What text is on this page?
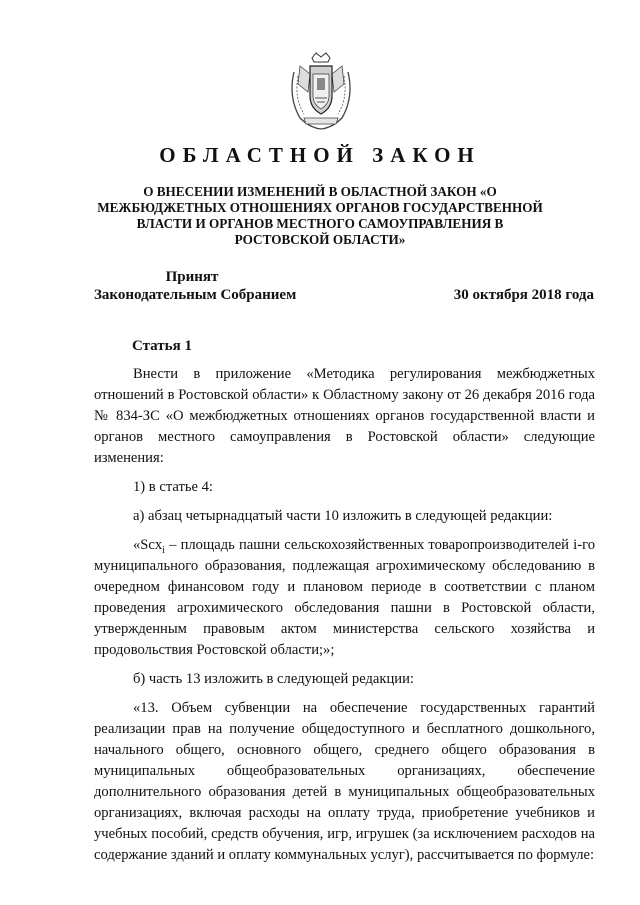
ОБЛАСТНОЙ ЗАКОН
О ВНЕСЕНИИ ИЗМЕНЕНИЙ В ОБЛАСТНОЙ ЗАКОН «О МЕЖБЮДЖЕТНЫХ ОТНОШЕНИЯХ ОРГАНОВ ГОСУДАРСТВЕННОЙ ВЛАСТИ И ОРГАНОВ МЕСТНОГО САМОУПРАВЛЕНИЯ В РОСТОВСКОЙ ОБЛАСТИ»
Принят
Законодательным Собранием	30 октября 2018 года
Статья 1

Внести в приложение «Методика регулирования межбюджетных отношений в Ростовской области» к Областному закону от 26 декабря 2016 года № 834-ЗС «О межбюджетных отношениях органов государственной власти и органов местного самоуправления в Ростовской области» следующие изменения:

1) в статье 4:

а) абзац четырнадцатый части 10 изложить в следующей редакции:

«Scx$_i$ – площадь пашни сельскохозяйственных товаропроизводителей i-го муниципального образования, подлежащая агрохимическому обследованию в очередном финансовом году и плановом периоде в соответствии с планом проведения агрохимического обследования пашни в Ростовской области, утвержденным правовым актом министерства сельского хозяйства и продовольствия Ростовской области;»;

б) часть 13 изложить в следующей редакции:

«13. Объем субвенции на обеспечение государственных гарантий реализации прав на получение общедоступного и бесплатного дошкольного, начального общего, основного общего, среднего общего образования в муниципальных общеобразовательных организациях, обеспечение дополнительного образования детей в муниципальных общеобразовательных организациях, включая расходы на оплату труда, приобретение учебников и учебных пособий, средств обучения, игр, игрушек (за исключением расходов на содержание зданий и оплату коммунальных услуг), рассчитывается по формуле:
